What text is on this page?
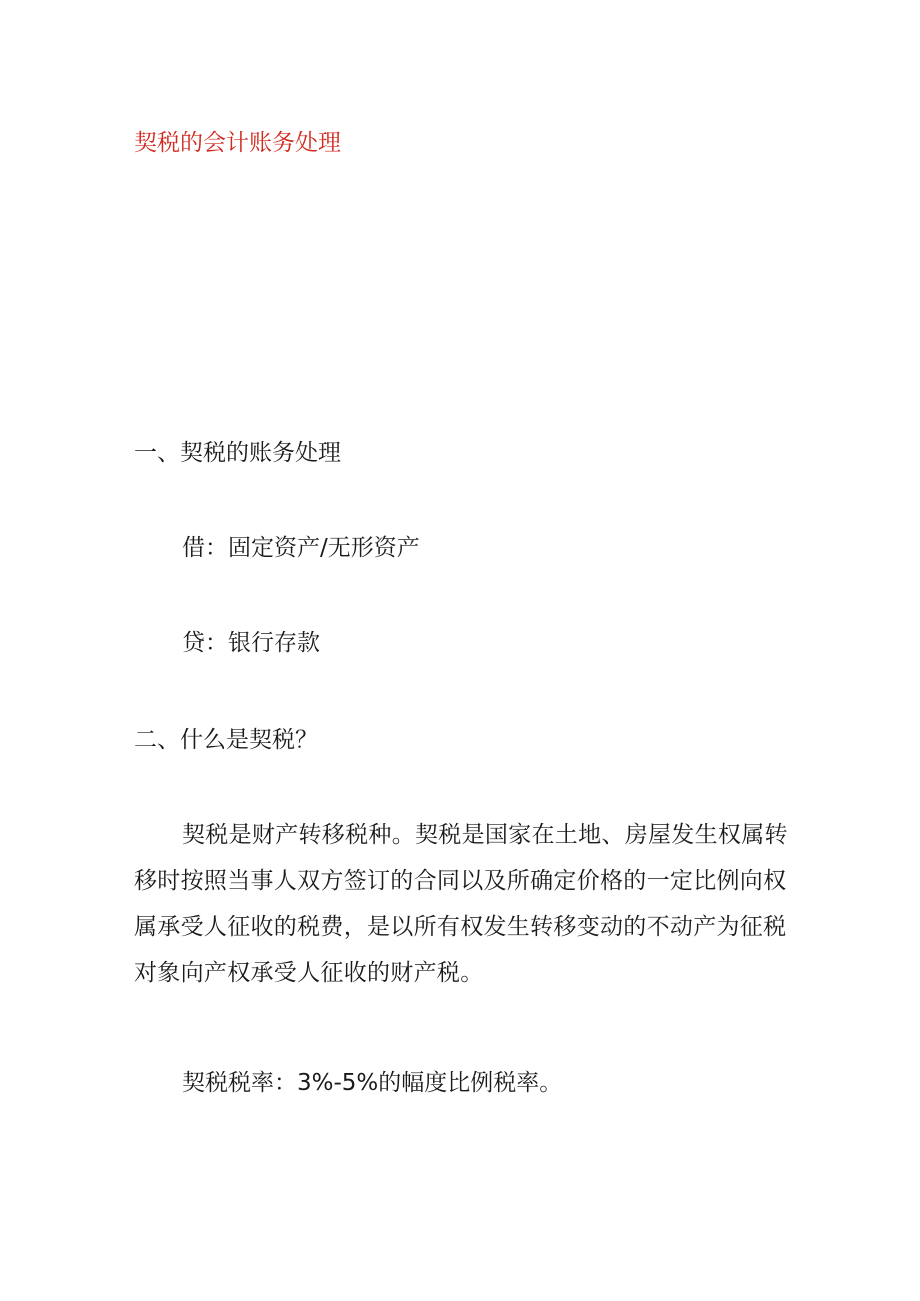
契税的会计账务处理
一、契税的账务处理
借：固定资产/无形资产
贷：银行存款
二、什么是契税？
契税是财产转移税种。契税是国家在土地、房屋发生权属转
移时按照当事人双方签订的合同以及所确定价格的一定比例向权
属承受人征收的税费，是以所有权发生转移变动的不动产为征税
对象向产权承受人征收的财产税。
契税税率：3%-5%的幅度比例税率。
